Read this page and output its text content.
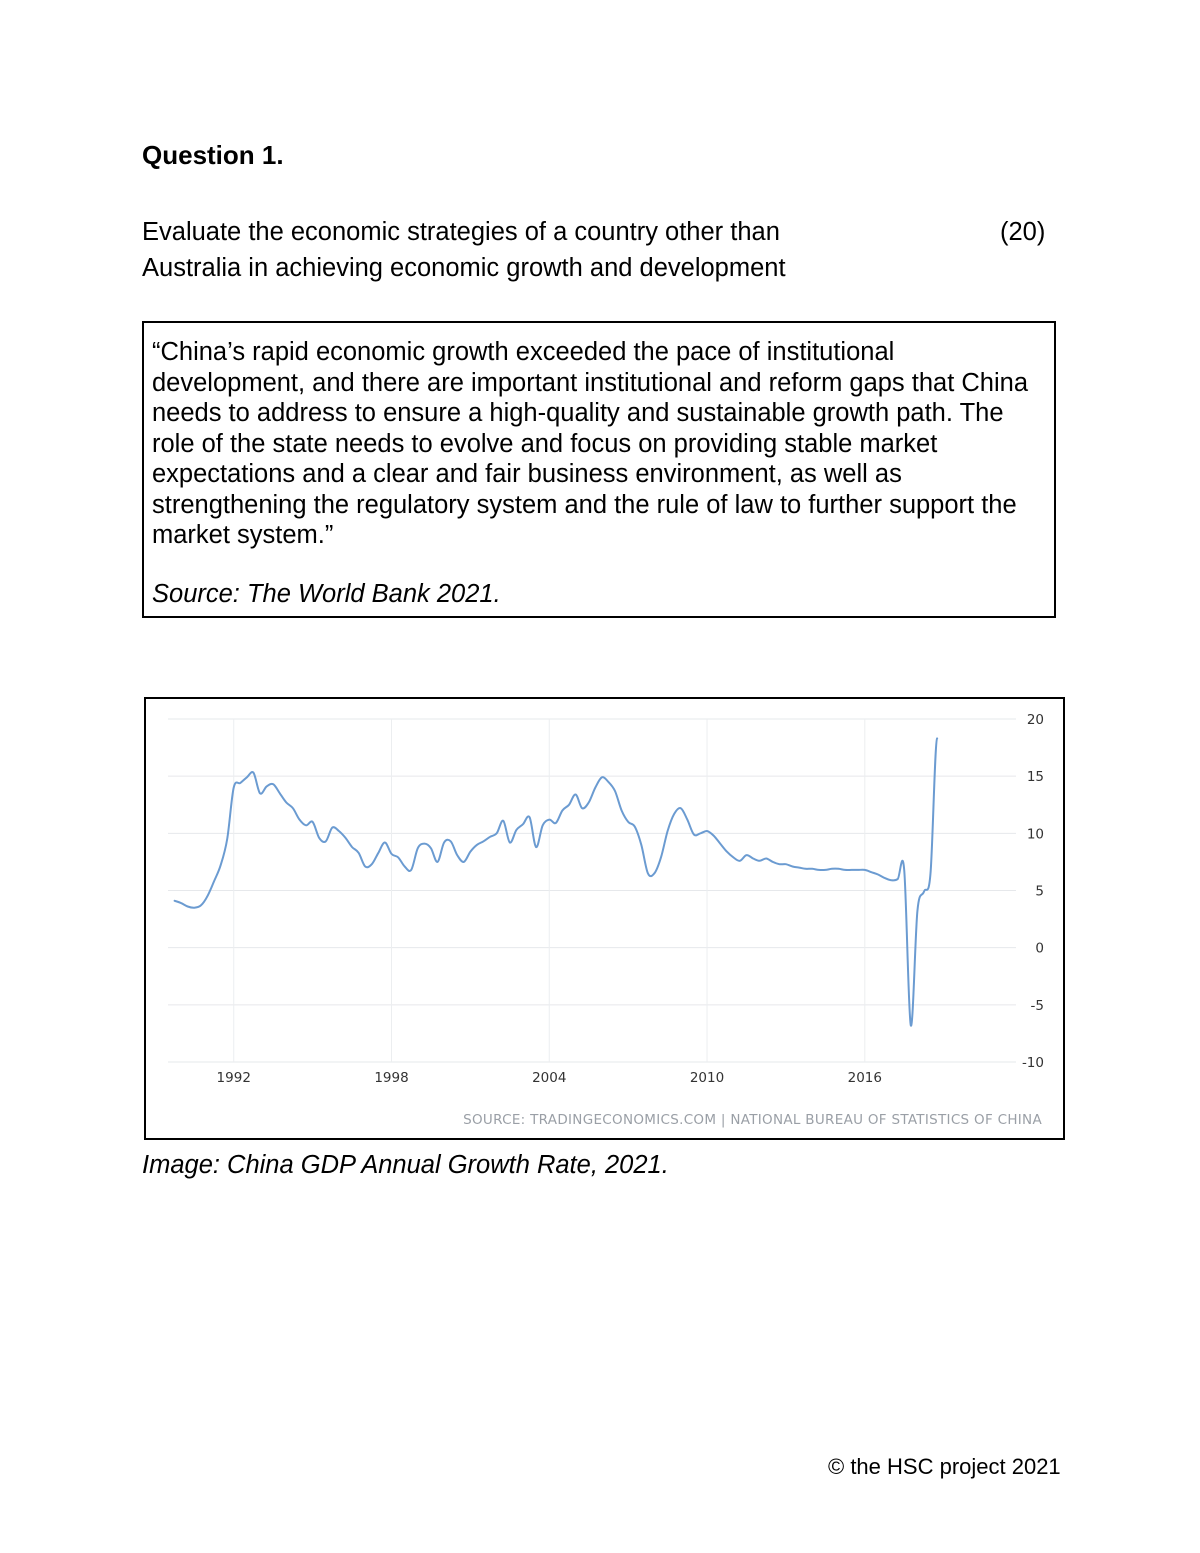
Question 1.

Evaluate the economic strategies of a country other than
Australia in achieving economic growth and development

(20)

“China’s rapid economic growth exceeded the pace of institutional development, and there are important institutional and reform gaps that China needs to address to ensure a high-quality and sustainable growth path. The role of the state needs to evolve and focus on providing stable market expectations and a clear and fair business environment, as well as strengthening the regulatory system and the rule of law to further support the market system.”

Source: The World Bank 2021.

20
15
10
5
0
-5
-10
1992	1998	2004	2010	2016
SOURCE: TRADINGECONOMICS.COM | NATIONAL BUREAU OF STATISTICS OF CHINA

Image: China GDP Annual Growth Rate, 2021.

© the HSC project 2021
